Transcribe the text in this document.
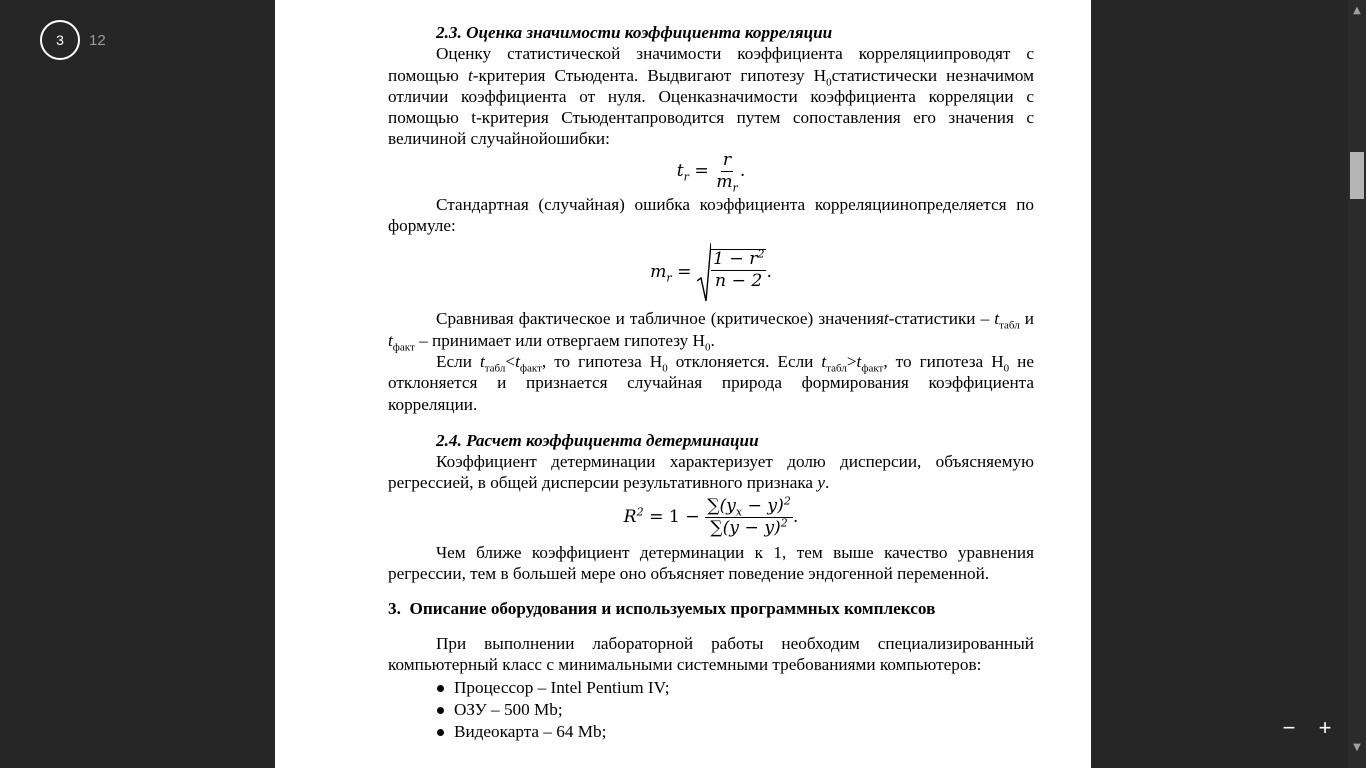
3 12	2.3. Оценка значимости коэффициента корреляции

Оценку статистической значимости коэффициента корреляциипроводят с помощью t-критерия Стьюдента. Выдвигают гипотезу $H_0статистически$ незначимом отличии коэффициента от нуля. Оценказначимости коэффициента корреляции с помощью t-критерия Стьюдентапроводится путем сопоставления его значения с величиной случайнойошибки:

$t_r = \frac{r}{m_r}$ .

Стандартная (случайная) ошибка коэффициента корреляциинопределяется по формуле:

$m_r = \frac{1 - r^2}{n - 2}$ .

Сравнивая фактическое и табличное (критическое) значенияt-статистики – $t_{табл}$ и $t_{факт}$ – принимает или отвергаем гипотезу $H_0$.

Если $t_{табл}<t_{факт}$, то гипотеза $H_0$ отклоняется. Если $t_{табл}>t_{факт}$, то гипотеза $H_0$ не отклоняется и признается случайная природа формирования коэффициента корреляции.

2.4. Расчет коэффициента детерминации

Коэффициент детерминации характеризует долю дисперсии, объясняемую регрессией, в общей дисперсии результативного признака y.

$R^2 = 1 - \frac{\sum(y_x - y)^2}{\sum(y - \overline{y})^2}$ .

Чем ближе коэффициент детерминации к 1, тем выше качество уравнения регрессии, тем в большей мере оно объясняет поведение эндогенной переменной.

3.  Описание оборудования и используемых программных комплексов

При выполнении лабораторной работы необходим специализированный компьютерный класс с минимальными системными требованиями компьютеров:

Процессор – Intel Pentium IV;
ОЗУ – 500 Mb;
Видеокарта – 64 Mb;	− +
▲
▼
